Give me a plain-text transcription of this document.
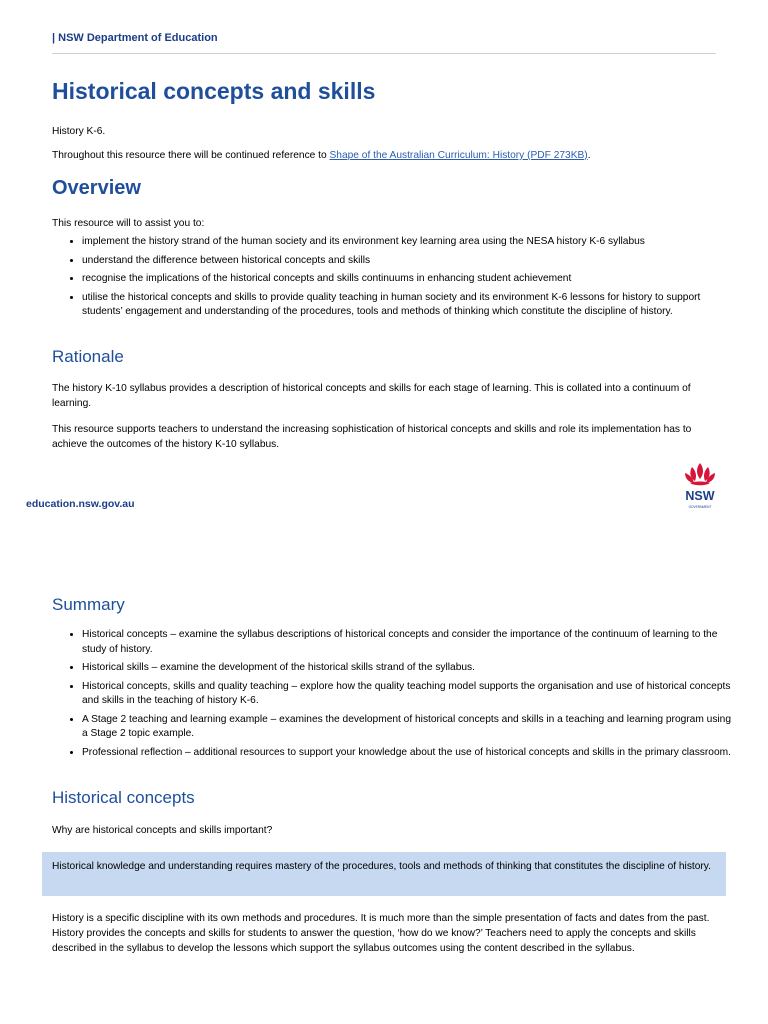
| NSW Department of Education
Historical concepts and skills

History K-6.

Throughout this resource there will be continued reference to Shape of the Australian Curriculum: History (PDF 273KB).

Overview

This resource will to assist you to:

• implement the history strand of the human society and its environment key learning area using the NESA history K-6 syllabus
• understand the difference between historical concepts and skills
• recognise the implications of the historical concepts and skills continuums in enhancing student achievement
• utilise the historical concepts and skills to provide quality teaching in human society and its environment K-6 lessons for history to support students’ engagement and understanding of the procedures, tools and methods of thinking which constitute the discipline of history.
Rationale

The history K-10 syllabus provides a description of historical concepts and skills for each stage of learning. This is collated into a continuum of learning.

This resource supports teachers to understand the increasing sophistication of historical concepts and skills and role its implementation has to achieve the outcomes of the history K-10 syllabus.

education.nsw.gov.au
NSW
GOVERNMENT
Summary
• Historical concepts – examine the syllabus descriptions of historical concepts and consider the importance of the continuum of learning to the study of history.
• Historical skills – examine the development of the historical skills strand of the syllabus.
• Historical concepts, skills and quality teaching – explore how the quality teaching model supports the organisation and use of historical concepts and skills in the teaching of history K-6.
• A Stage 2 teaching and learning example – examines the development of historical concepts and skills in a teaching and learning program using a Stage 2 topic example.
• Professional reflection – additional resources to support your knowledge about the use of historical concepts and skills in the primary classroom.
Historical concepts

Why are historical concepts and skills important?

Historical knowledge and understanding requires mastery of the procedures, tools and methods of thinking that constitutes the discipline of history.

History is a specific discipline with its own methods and procedures. It is much more than the simple presentation of facts and dates from the past. History provides the concepts and skills for students to answer the question, ‘how do we know?’ Teachers need to apply the concepts and skills described in the syllabus to develop the lessons which support the syllabus outcomes using the content described in the syllabus.
